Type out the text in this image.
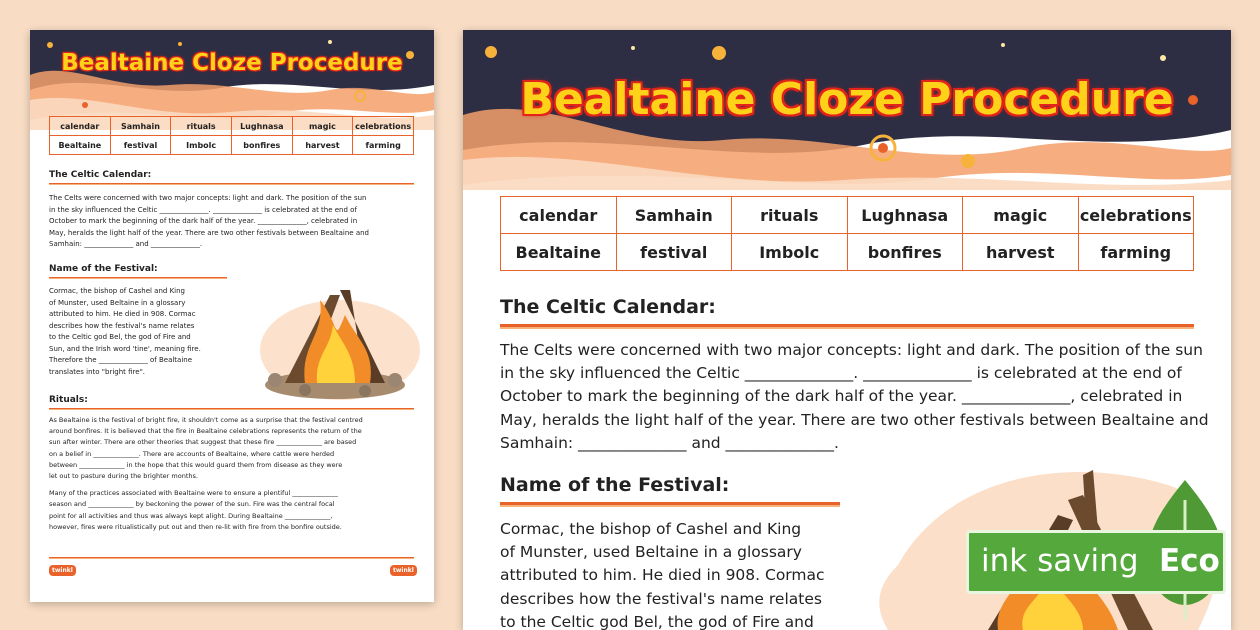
Bealtaine Cloze Procedure
calendar	Samhain	rituals	Lughnasa	magic	celebrations
Bealtaine	festival	Imbolc	bonfires	harvest	farming
The Celtic Calendar:
The Celts were concerned with two major concepts: light and dark. The position of the sun
in the sky influenced the Celtic ______________. ______________ is celebrated at the end of
October to mark the beginning of the dark half of the year. ______________, celebrated in
May, heralds the light half of the year. There are two other festivals between Bealtaine and
Samhain: ______________ and ______________.
Name of the Festival:
Cormac, the bishop of Cashel and King
of Munster, used Beltaine in a glossary
attributed to him. He died in 908. Cormac
describes how the festival's name relates
to the Celtic god Bel, the god of Fire and
Sun, and the Irish word 'tine', meaning fire.
Therefore the ______________ of Bealtaine
translates into "bright fire".
Rituals:
As Bealtaine is the festival of bright fire, it shouldn't come as a surprise that the festival centred
around bonfires. It is believed that the fire in Bealtaine celebrations represents the return of the
sun after winter. There are other theories that suggest that these fire ______________ are based
on a belief in ______________. There are accounts of Bealtaine, where cattle were herded
between ______________ in the hope that this would guard them from disease as they were
let out to pasture during the brighter months.
Many of the practices associated with Bealtaine were to ensure a plentiful ______________
season and ______________ by beckoning the power of the sun. Fire was the central focal
point for all activities and thus was always kept alight. During Bealtaine ______________,
however, fires were ritualistically put out and then re-lit with fire from the bonfire outside.
twinkl	twinkl
Bealtaine Cloze Procedure
calendar	Samhain	rituals	Lughnasa	magic	celebrations
Bealtaine	festival	Imbolc	bonfires	harvest	farming
The Celtic Calendar:
The Celts were concerned with two major concepts: light and dark. The position of the sun
in the sky influenced the Celtic ______________. ______________ is celebrated at the end of
October to mark the beginning of the dark half of the year. ______________, celebrated in
May, heralds the light half of the year. There are two other festivals between Bealtaine and
Samhain: ______________ and ______________.
Name of the Festival:
Cormac, the bishop of Cashel and King
of Munster, used Beltaine in a glossary
attributed to him. He died in 908. Cormac
describes how the festival's name relates
to the Celtic god Bel, the god of Fire and
ink saving Eco
